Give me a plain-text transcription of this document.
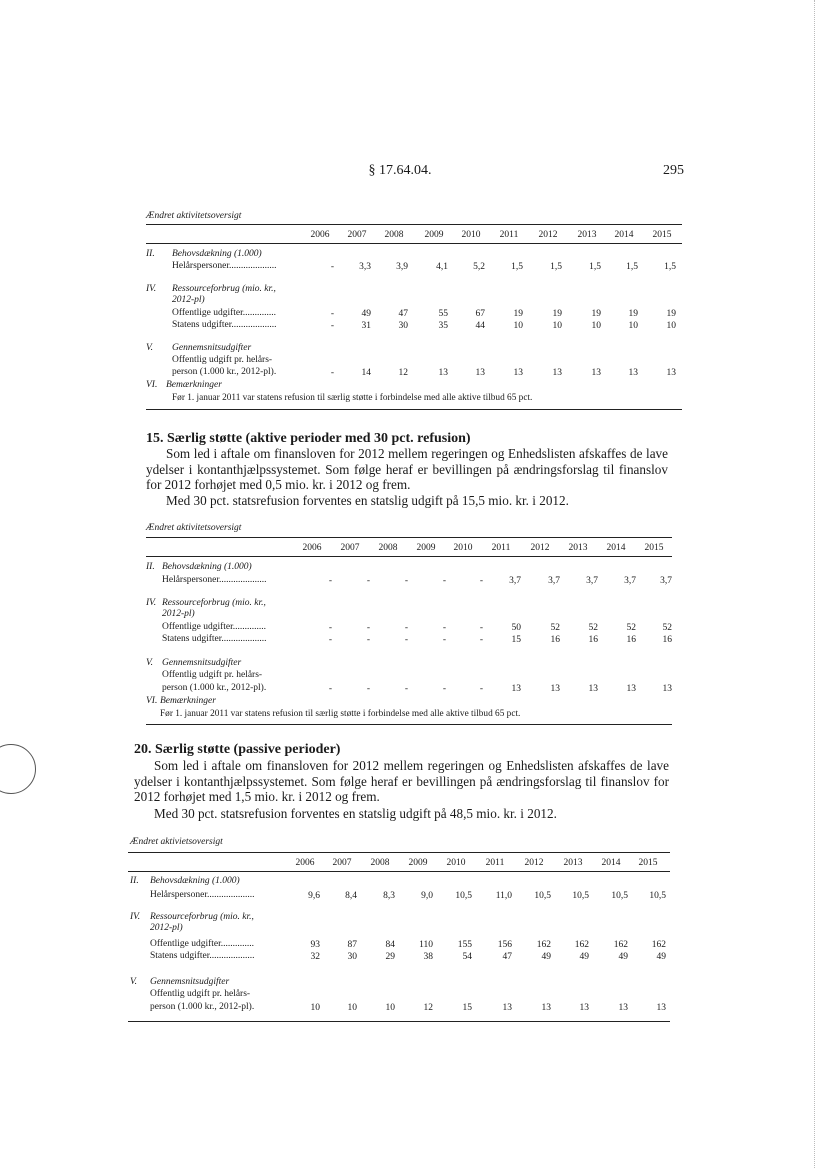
§ 17.64.04.	295
Ændret aktivitetsoversigt
2006	2007	2008	2009	2010	2011	2012	2013	2014	2015
II. Behovsdækning (1.000)
Helårspersoner....................	-	3,3	3,9	4,1	5,2	1,5	1,5	1,5	1,5	1,5
IV. Ressourceforbrug (mio. kr.,
2012-pl)
Offentlige udgifter..............	-	49	47	55	67	19	19	19	19	19
Statens udgifter...................	-	31	30	35	44	10	10	10	10	10
V. Gennemsnitsudgifter
Offentlig udgift pr. helårs-
person (1.000 kr., 2012-pl).	-	14	12	13	13	13	13	13	13	13
VI. Bemærkninger
Før 1. januar 2011 var statens refusion til særlig støtte i forbindelse med alle aktive tilbud 65 pct.
15. Særlig støtte (aktive perioder med 30 pct. refusion)
Som led i aftale om finansloven for 2012 mellem regeringen og Enhedslisten afskaffes de lave ydelser i kontanthjælpssystemet. Som følge heraf er bevillingen på ændringsforslag til finanslov for 2012 forhøjet med 0,5 mio. kr. i 2012 og frem.
Med 30 pct. statsrefusion forventes en statslig udgift på 15,5 mio. kr. i 2012.
Ændret aktivitetsoversigt
2006	2007	2008	2009	2010	2011	2012	2013	2014	2015
II. Behovsdækning (1.000)
Helårspersoner....................	-	-	-	-	-	3,7	3,7	3,7	3,7	3,7
IV. Ressourceforbrug (mio. kr.,
2012-pl)
Offentlige udgifter..............	-	-	-	-	-	50	52	52	52	52
Statens udgifter...................	-	-	-	-	-	15	16	16	16	16
V. Gennemsnitsudgifter
Offentlig udgift pr. helårs-
person (1.000 kr., 2012-pl).	-	-	-	-	-	13	13	13	13	13
VI. Bemærkninger
Før 1. januar 2011 var statens refusion til særlig støtte i forbindelse med alle aktive tilbud 65 pct.
20. Særlig støtte (passive perioder)
Som led i aftale om finansloven for 2012 mellem regeringen og Enhedslisten afskaffes de lave ydelser i kontanthjælpssystemet. Som følge heraf er bevillingen på ændringsforslag til finanslov for 2012 forhøjet med 1,5 mio. kr. i 2012 og frem.
Med 30 pct. statsrefusion forventes en statslig udgift på 48,5 mio. kr. i 2012.
Ændret aktivietsoversigt
2006	2007	2008	2009	2010	2011	2012	2013	2014	2015
II. Behovsdækning (1.000)
Helårspersoner....................	9,6	8,4	8,3	9,0	10,5	11,0	10,5	10,5	10,5	10,5
IV. Ressourceforbrug (mio. kr.,
2012-pl)
Offentlige udgifter..............	93	87	84	110	155	156	162	162	162	162
Statens udgifter...................	32	30	29	38	54	47	49	49	49	49
V. Gennemsnitsudgifter
Offentlig udgift pr. helårs-
person (1.000 kr., 2012-pl).	10	10	10	12	15	13	13	13	13	13
